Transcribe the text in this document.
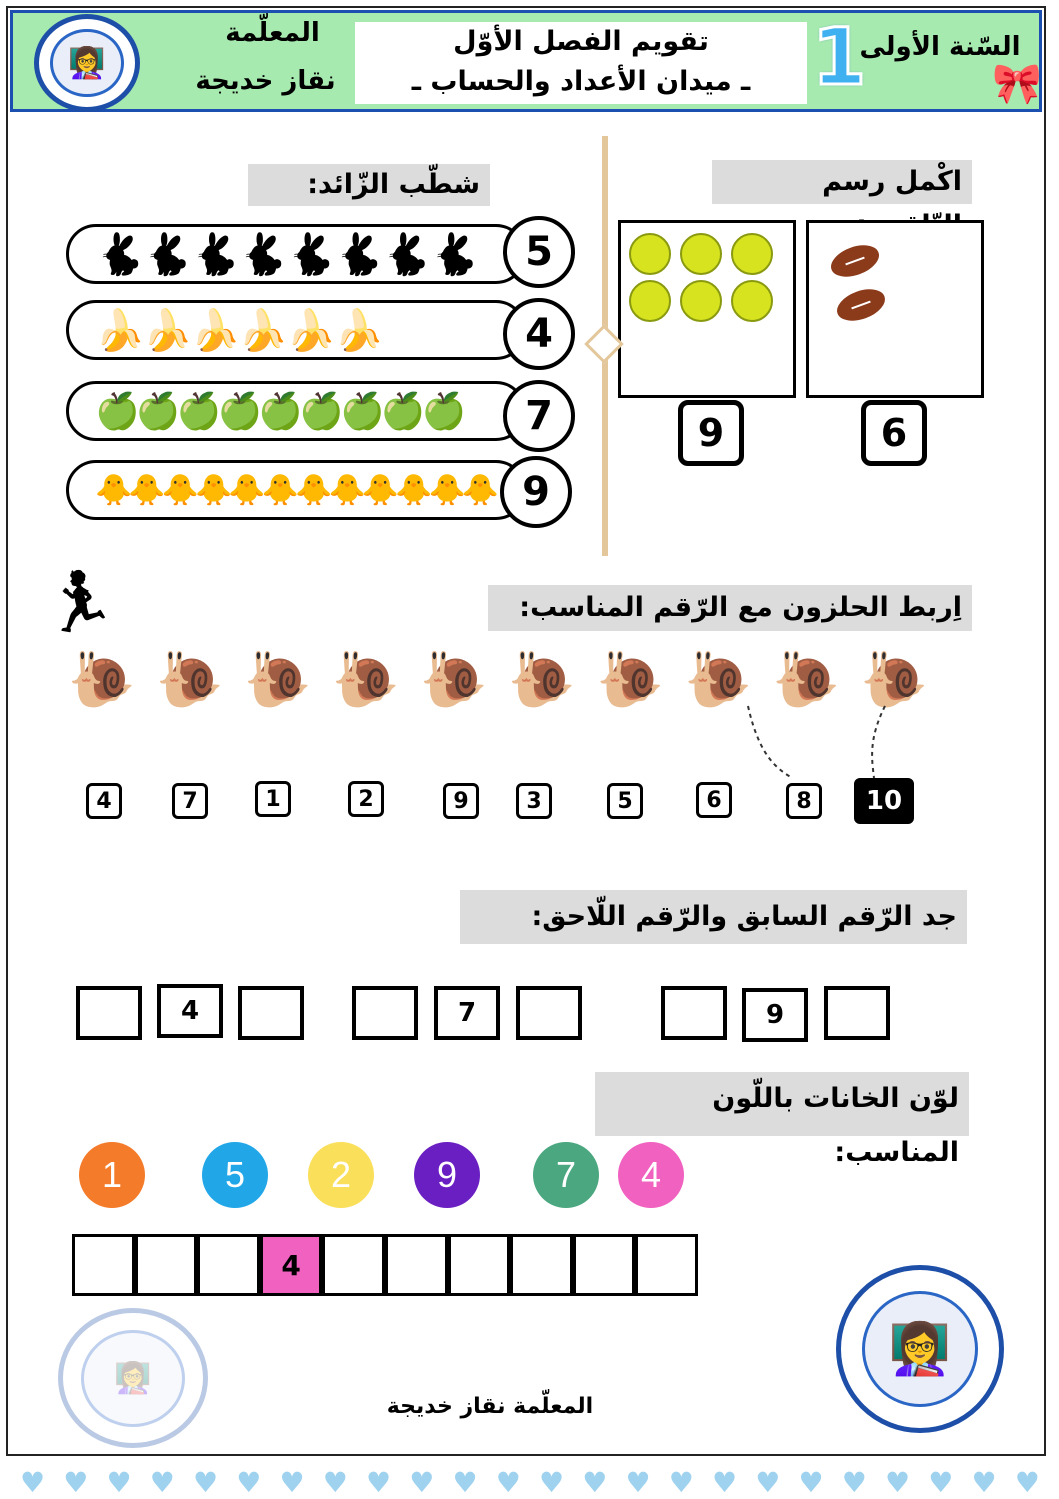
👩‍🏫
المعلّمة
نقاز خديجة
تقويم الفصل الأوّل
ـ ميدان الأعداد والحساب ـ 1
السّنة الأولى
🎀
اكْمل رسم
6
9
شطّب الزّائد:
🐇🐇🐇🐇🐇🐇🐇🐇	5
🍌🍌🍌🍌🍌🍌	4
🍏🍏🍏🍏🍏🍏🍏🍏🍏	7
🐥🐥🐥🐥🐥🐥🐥🐥🐥🐥🐥🐥 9
🏃	اِربط الحلزون مع الرّقم المناسب:
🐌 🐌 🐌 🐌 🐌 🐌 🐌 🐌 🐌 🐌
4	7	1	2	9	3	5	6	8	10
جد الرّقم السابق والرّقم اللّاحق:
4	7	9
لوّن الخانات باللّون المناسب:
1	5	2	9	7	4
4
👩‍🏫
👩‍🏫
المعلّمة نقاز خديجة
♥ ♥ ♥ ♥ ♥ ♥ ♥ ♥ ♥ ♥ ♥ ♥ ♥ ♥ ♥ ♥ ♥ ♥ ♥ ♥ ♥ ♥ ♥ ♥
